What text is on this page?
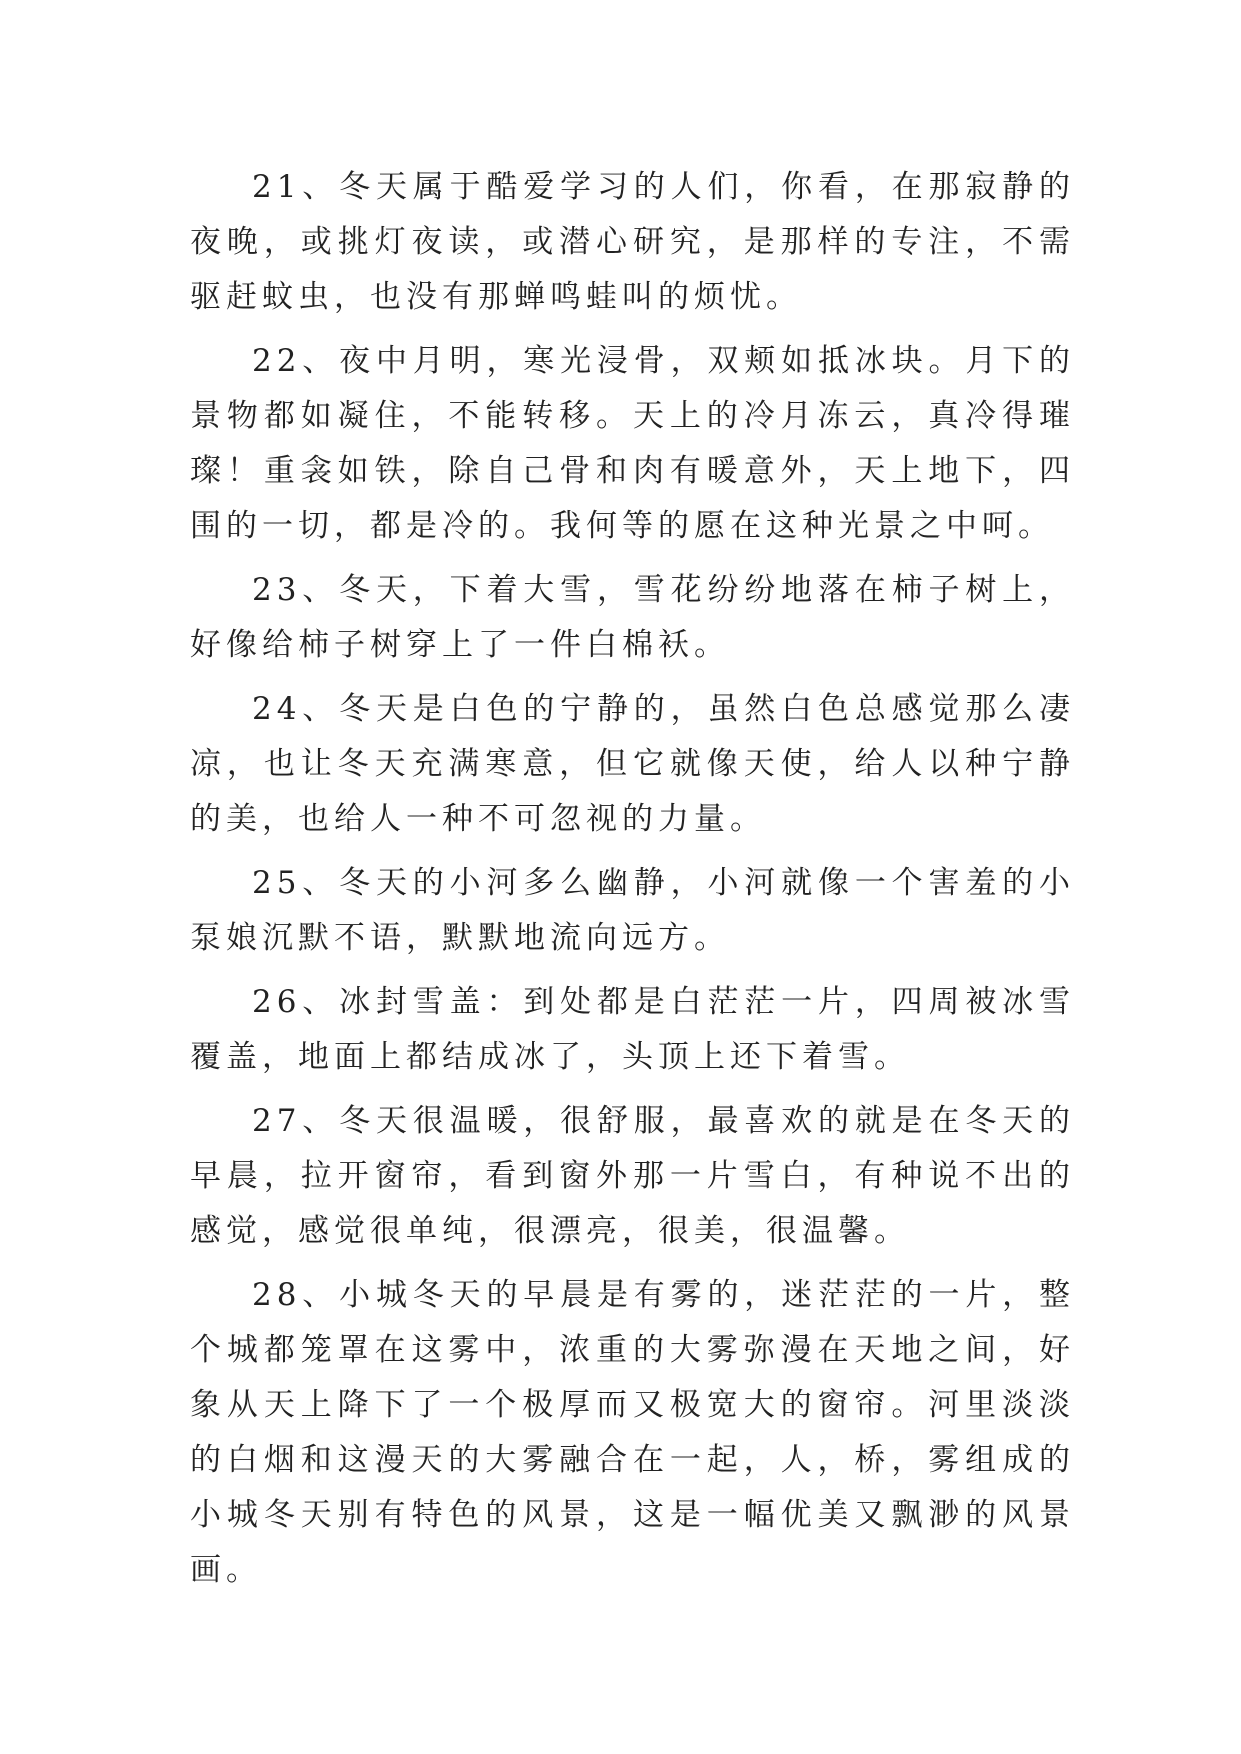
21、冬天属于酷爱学习的人们，你看，在那寂静的夜晚，或挑灯夜读，或潜心研究，是那样的专注，不需驱赶蚊虫，也没有那蝉鸣蛙叫的烦忧。

22、夜中月明，寒光浸骨，双颊如抵冰块。月下的景物都如凝住，不能转移。天上的冷月冻云，真冷得璀璨！重衾如铁，除自己骨和肉有暖意外，天上地下，四围的一切，都是冷的。我何等的愿在这种光景之中呵。

23、冬天，下着大雪，雪花纷纷地落在柿子树上，好像给柿子树穿上了一件白棉袄。

24、冬天是白色的宁静的，虽然白色总感觉那么凄凉，也让冬天充满寒意，但它就像天使，给人以种宁静的美，也给人一种不可忽视的力量。

25、冬天的小河多么幽静，小河就像一个害羞的小泵娘沉默不语，默默地流向远方。

26、冰封雪盖：到处都是白茫茫一片，四周被冰雪覆盖，地面上都结成冰了，头顶上还下着雪。

27、冬天很温暖，很舒服，最喜欢的就是在冬天的早晨，拉开窗帘，看到窗外那一片雪白，有种说不出的感觉，感觉很单纯，很漂亮，很美，很温馨。

28、小城冬天的早晨是有雾的，迷茫茫的一片，整个城都笼罩在这雾中，浓重的大雾弥漫在天地之间，好象从天上降下了一个极厚而又极宽大的窗帘。河里淡淡的白烟和这漫天的大雾融合在一起，人，桥，雾组成的小城冬天别有特色的风景，这是一幅优美又飘渺的风景画。
